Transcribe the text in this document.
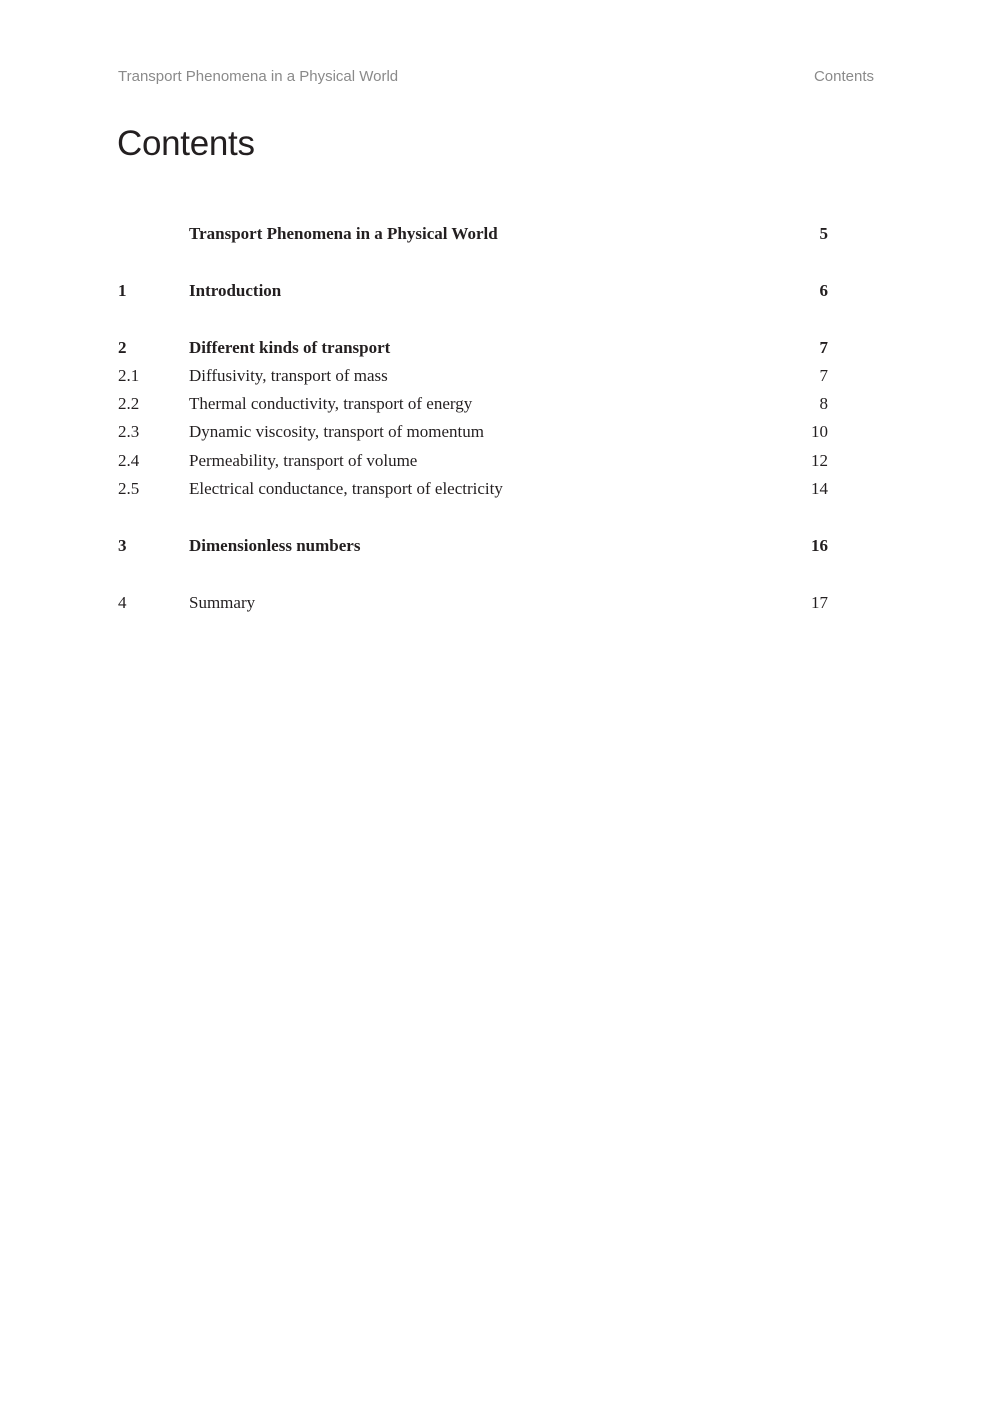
Transport Phenomena in a Physical World	Contents
Contents
Transport Phenomena in a Physical World	5
1	Introduction	6
2	Different kinds of transport	7
2.1	Diffusivity, transport of mass	7
2.2	Thermal conductivity, transport of energy	8
2.3	Dynamic viscosity, transport of momentum	10
2.4	Permeability, transport of volume	12
2.5	Electrical conductance, transport of electricity	14
3	Dimensionless numbers	16
4	Summary	17
